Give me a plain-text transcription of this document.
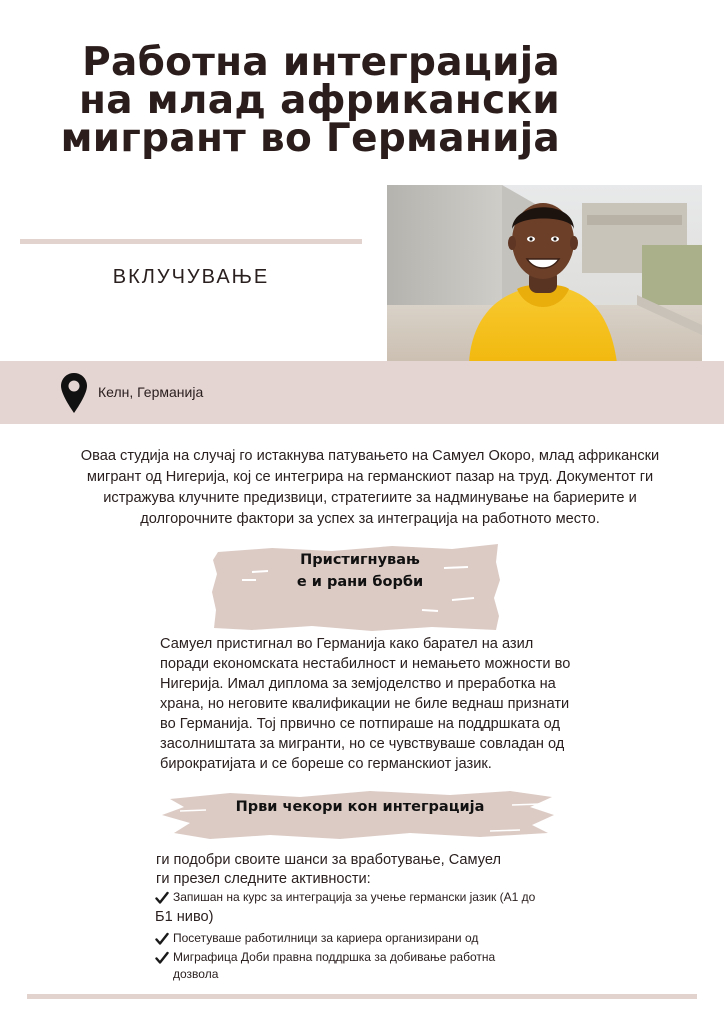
Работна интеграција
на млад африкански
мигрант во Германија
ВКЛУЧУВАЊЕ
Келн, Германија

Оваа студија на случај го истакнува патувањето на Самуел Окоро, млад африкански мигрант од Нигерија, кој се интегрира на германскиот пазар на труд. Документот ги истражува клучните предизвици, стратегиите за надминување на бариерите и долгорочните фактори за успех за интеграција на работното место.

Пристигнувањ
е и рани борби

Самуел пристигнал во Германија како барател на азил поради економската нестабилност и немањето можности во Нигерија. Имал диплома за земјоделство и преработка на храна, но неговите квалификации не биле веднаш признати во Германија. Тој првично се потпираше на поддршката од засолништата за мигранти, но се чувствуваше совладан од бирократијата и се бореше со германскиот јазик.

Први чекори кон интеграција
ги подобри своите шанси за вработување, Самуел
ги презел следните активности:
Запишан на курс за интеграција за учење германски јазик (А1 до
Б1 ниво)
Посетуваше работилници за кариера организирани од
Миграфица Доби правна поддршка за добивање работна
дозвола
